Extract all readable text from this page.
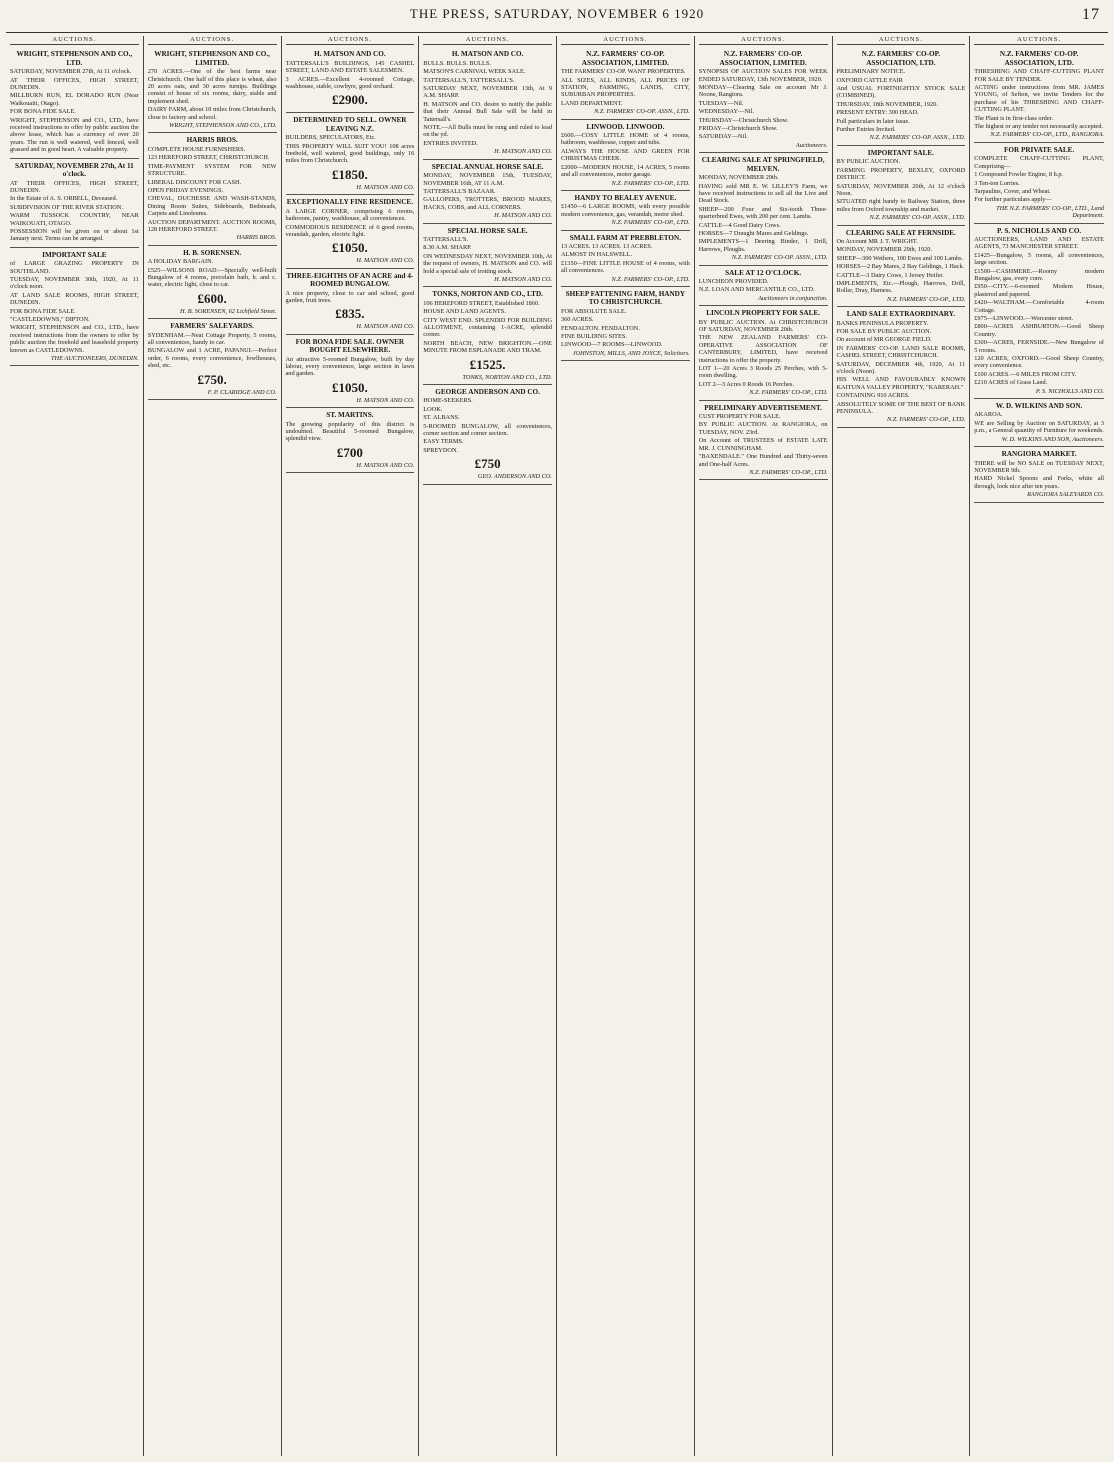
THE PRESS, SATURDAY, NOVEMBER 6 1920	17
AUCTIONS.
WRIGHT, STEPHENSON AND CO., LTD.
SATURDAY, NOVEMBER 27th, At 11 o'clock.
AT THEIR OFFICES, HIGH STREET, DUNEDIN.
MILLBURN RUN, EL DORADO RUN (Near Waikouaiti, Otago).
FOR BONA FIDE SALE.
WRIGHT, STEPHENSON and CO., LTD., have received instructions to offer by public auction the above lease, which has a currency of over 20 years. The run is well watered, well fenced, well grassed and in good heart. A valuable property.
SATURDAY, NOVEMBER 27th, At 11 o'clock.
AT THEIR OFFICES, HIGH STREET, DUNEDIN.
In the Estate of A. S. ORBELL, Deceased.
SUBDIVISION OF THE RIVER STATION.
WARM TUSSOCK COUNTRY, NEAR WAIKOUATI, OTAGO.
POSSESSION will be given on or about 1st January next. Terms can be arranged.
IMPORTANT SALE
of LARGE GRAZING PROPERTY IN SOUTHLAND.
TUESDAY, NOVEMBER 30th, 1920, At 11 o'clock noon.
AT LAND SALE ROOMS, HIGH STREET, DUNEDIN.
FOR BONA FIDE SALE.
"CASTLEDOWNS," DIPTON.
WRIGHT, STEPHENSON and CO., LTD., have received instructions from the owners to offer by public auction the freehold and leasehold property known as CASTLEDOWNS.
THE AUCTIONEERS, DUNEDIN.
AUCTIONS.
WRIGHT, STEPHENSON AND CO., LIMITED.
270 ACRES.—One of the best farms near Christchurch. One half of this place is wheat, also 20 acres oats, and 30 acres turnips. Buildings consist of house of six rooms, dairy, stable and implement shed.
DAIRY FARM, about 10 miles from Christchurch, close to factory and school.
WRIGHT, STEPHENSON AND CO., LTD.
HARRIS BROS.
COMPLETE HOUSE FURNISHERS.
123 HEREFORD STREET, CHRISTCHURCH.
TIME-PAYMENT SYSTEM FOR NEW STRUCTURE.
LIBERAL DISCOUNT FOR CASH.
OPEN FRIDAY EVENINGS.
CHEVAL, DUCHESSE AND WASH-STANDS, Dining Room Suites, Sideboards, Bedsteads, Carpets and Linoleums.
AUCTION DEPARTMENT. AUCTION ROOMS, 128 HEREFORD STREET.
HARRIS BROS.
H. B. SORENSEN.
A HOLIDAY BARGAIN.
£525—WILSONS ROAD.—Specially well-built Bungalow of 4 rooms, porcelain bath, h. and c. water, electric light, close to car.
£600.
H. B. SORENSEN, 62 Lichfield Street.
FARMERS' SALEYARDS.
SYDENHAM.—Neat Cottage Property, 5 rooms, all conveniences, handy to car.
BUNGALOW and 1 ACRE, PAPANUI.—Perfect order, 6 rooms, every convenience, fowlhouses, shed, etc.
£750.
F. P. CLARIDGE AND CO.
AUCTIONS.
H. MATSON AND CO.
TATTERSALL'S BUILDINGS, 145 CASHEL STREET, LAND AND ESTATE SALESMEN.
3 ACRES.—Excellent 4-roomed Cottage, washhouse, stable, cowbyre, good orchard.
£2900.
DETERMINED TO SELL. OWNER LEAVING N.Z.
BUILDERS, SPECULATORS, Etc.
THIS PROPERTY WILL SUIT YOU! 108 acres freehold, well watered, good buildings, only 16 miles from Christchurch.
£1850.
H. MATSON AND CO.
EXCEPTIONALLY FINE RESIDENCE.
A LARGE CORNER, comprising 6 rooms, bathroom, pantry, washhouse, all conveniences.
COMMODIOUS RESIDENCE of 6 good rooms, verandah, garden, electric light.
£1050.
H. MATSON AND CO.
THREE-EIGHTHS OF AN ACRE and 4-ROOMED BUNGALOW.
A nice property, close to car and school, good garden, fruit trees.
£835.
H. MATSON AND CO.
FOR BONA FIDE SALE. OWNER BOUGHT ELSEWHERE.
An attractive 5-roomed Bungalow, built by day labour, every convenience, large section in lawn and garden.
£1050.
H. MATSON AND CO.
ST. MARTINS.
The growing popularity of this district is undoubted. Beautiful 5-roomed Bungalow, splendid view.
£700
H. MATSON AND CO.
AUCTIONS.
H. MATSON AND CO.
BULLS. BULLS. BULLS.
MATSON'S CARNIVAL WEEK SALE.
TATTERSALL'S, TATTERSALL'S.
SATURDAY NEXT, NOVEMBER 13th, At 9 A.M. SHARP.
H. MATSON and CO. desire to notify the public that their Annual Bull Sale will be held in Tattersall's.
NOTE.—All Bulls must be rung and ruled to lead on the yd.
ENTRIES INVITED.
H. MATSON AND CO.
SPECIAL ANNUAL HORSE SALE.
MONDAY, NOVEMBER 15th, TUESDAY, NOVEMBER 16th, AT 11 A.M.
TATTERSALL'S BAZAAR.
GALLOPERS, TROTTERS, BROOD MARES, HACKS, COBS, and ALL CORNERS.
H. MATSON AND CO.
SPECIAL HORSE SALE.
TATTERSALL'S.
8.30 A.M. SHARP.
ON WEDNESDAY NEXT, NOVEMBER 10th, At the request of owners, H. MATSON and CO. will hold a special sale of trotting stock.
H. MATSON AND CO.
TONKS, NORTON AND CO., LTD.
106 HEREFORD STREET, Established 1860.
HOUSE AND LAND AGENTS.
CITY WEST END. SPLENDID FOR BUILDING ALLOTMENT, containing 1-ACRE, splendid corner.
NORTH BEACH, NEW BRIGHTON.—ONE MINUTE FROM ESPLANADE AND TRAM.
£1525.
TONKS, NORTON AND CO., LTD.
GEORGE ANDERSON AND CO.
HOME-SEEKERS.
LOOK.
ST. ALBANS.
5-ROOMED BUNGALOW, all conveniences, corner section and corner section.
EASY TERMS.
SPREYDON.
£750
GEO. ANDERSON AND CO.
AUCTIONS.
N.Z. FARMERS' CO-OP. ASSOCIATION, LIMITED.
THE FARMERS' CO-OP. WANT PROPERTIES.
ALL SIZES, ALL KINDS, ALL PRICES OF STATION, FARMING, LANDS, CITY, SUBURBAN PROPERTIES.
LAND DEPARTMENT.
N.Z. FARMERS' CO-OP. ASSN., LTD.
LINWOOD. LINWOOD.
£600.—COSY LITTLE HOME of 4 rooms, bathroom, washhouse, copper and tubs.
ALWAYS THE HOUSE AND GREEN FOR CHRISTMAS CHEER.
£2000—MODERN HOUSE, 14 ACRES, 5 rooms and all conveniences, motor garage.
N.Z. FARMERS' CO-OP., LTD.
HANDY TO BEALEY AVENUE.
£1450—6 LARGE ROOMS, with every possible modern convenience, gas, verandah, motor shed.
N.Z. FARMERS' CO-OP., LTD.
SMALL FARM AT PREBBLETON.
13 ACRES. 13 ACRES. 13 ACRES.
ALMOST IN HALSWELL.
£1350—FINE LITTLE HOUSE of 4 rooms, with all conveniences.
N.Z. FARMERS' CO-OP., LTD.
SHEEP FATTENING FARM, HANDY TO CHRISTCHURCH.
FOR ABSOLUTE SALE.
360 ACRES.
FENDALTON. FENDALTON.
FINE BUILDING SITES.
LINWOOD—7 ROOMS—LINWOOD.
JOHNSTON, MILLS, AND JOYCE, Solicitors.
AUCTIONS.
N.Z. FARMERS' CO-OP. ASSOCIATION, LIMITED.
SYNOPSIS OF AUCTION SALES FOR WEEK ENDED SATURDAY, 13th NOVEMBER, 1920.
MONDAY—Clearing Sale on account Mr J. Noone, Rangiora.
TUESDAY—Nil.
WEDNESDAY—Nil.
THURSDAY—Christchurch Show.
FRIDAY—Christchurch Show.
SATURDAY—Nil.
Auctioneers.
CLEARING SALE AT SPRINGFIELD, MELVEN.
MONDAY, NOVEMBER 29th.
HAVING sold MR E. W. LILLEY'S Farm, we have received instructions to sell all the Live and Dead Stock.
SHEEP—200 Four and Six-tooth Three-quarterbred Ewes, with 200 per cent. Lambs.
CATTLE—4 Good Dairy Cows.
HORSES—7 Draught Mares and Geldings.
IMPLEMENTS—1 Deering Binder, 1 Drill, Harrows, Ploughs.
N.Z. FARMERS' CO-OP. ASSN., LTD.
SALE AT 12 O'CLOCK.
LUNCHEON PROVIDED.
N.Z. LOAN AND MERCANTILE CO., LTD.
Auctioneers in conjunction.
LINCOLN PROPERTY FOR SALE.
BY PUBLIC AUCTION. At CHRISTCHURCH OF SATURDAY, NOVEMBER 20th.
THE NEW ZEALAND FARMERS' CO-OPERATIVE ASSOCIATION OF CANTERBURY, LIMITED, have received instructions to offer the property.
LOT 1—20 Acres 3 Roods 25 Perches, with 5-room dwelling.
LOT 2—3 Acres 0 Roods 16 Perches.
N.Z. FARMERS' CO-OP., LTD.
PRELIMINARY ADVERTISEMENT.
CUST PROPERTY FOR SALE.
BY PUBLIC AUCTION. At RANGIORA, on TUESDAY, NOV. 23rd.
On Account of TRUSTEES of ESTATE LATE MR. J. CUNNINGHAM.
"BAXENDALE." One Hundred and Thirty-seven and One-half Acres.
N.Z. FARMERS' CO-OP., LTD.
AUCTIONS.
N.Z. FARMERS' CO-OP. ASSOCIATION, LTD.
PRELIMINARY NOTICE.
OXFORD CATTLE FAIR
And USUAL FORTNIGHTLY STOCK SALE (COMBINED).
THURSDAY, 18th NOVEMBER, 1920.
PRESENT ENTRY: 300 HEAD.
Full particulars in later issue.
Further Entries Invited.
N.Z. FARMERS' CO-OP. ASSN., LTD.
IMPORTANT SALE.
BY PUBLIC AUCTION.
FARMING PROPERTY, BEXLEY, OXFORD DISTRICT.
SATURDAY, NOVEMBER 20th, At 12 o'clock Noon.
SITUATED right handy to Railway Station, three miles from Oxford township and market.
N.Z. FARMERS' CO-OP. ASSN., LTD.
CLEARING SALE AT FERNSIDE.
On Account MR J. T. WRIGHT.
MONDAY, NOVEMBER 29th, 1920.
SHEEP—300 Wethers, 100 Ewes and 100 Lambs.
HORSES—2 Bay Mares, 2 Bay Geldings, 1 Hack.
CATTLE—3 Dairy Cows, 1 Jersey Heifer.
IMPLEMENTS, Etc.—Plough, Harrows, Drill, Roller, Dray, Harness.
N.Z. FARMERS' CO-OP., LTD.
LAND SALE EXTRAORDINARY.
BANKS PENINSULA PROPERTY.
FOR SALE BY PUBLIC AUCTION.
On account of MR GEORGE FIELD.
IN FARMERS' CO-OP. LAND SALE ROOMS, CASHEL STREET, CHRISTCHURCH.
SATURDAY, DECEMBER 4th, 1920, At 11 o'clock (Noon).
HIS WELL AND FAVOURABLY KNOWN KAITUNA VALLEY PROPERTY, "KARERAH."
CONTAINING 910 ACRES.
ABSOLUTELY SOME OF THE BEST OF BANK PENINSULA.
N.Z. FARMERS' CO-OP., LTD.
AUCTIONS.
N.Z. FARMERS' CO-OP. ASSOCIATION, LTD.
THRESHING AND CHAFF-CUTTING PLANT FOR SALE BY TENDER.
ACTING under instructions from MR. JAMES YOUNG, of Sefton, we invite Tenders for the purchase of his THRESHING AND CHAFF-CUTTING PLANT.
The Plant is in first-class order.
The highest or any tender not necessarily accepted.
N.Z. FARMERS' CO-OP., LTD., RANGIORA.
FOR PRIVATE SALE.
COMPLETE CHAFF-CUTTING PLANT, Comprising—
1 Compound Fowler Engine, 8 h.p.
3 Ten-ton Lorries.
Tarpaulins, Cover, and Wheat.
For further particulars apply—
THE N.Z. FARMERS' CO-OP., LTD., Land Department.
P. S. NICHOLLS AND CO.
AUCTIONEERS, LAND AND ESTATE AGENTS, 73 MANCHESTER STREET.
£1425—Bungalow, 5 rooms, all conveniences, large section.
£1500—CASHMERE.—Roomy modern Bungalow, gas, every conv.
£950—CITY.—6-roomed Modern House, plastered and papered.
£420—WALTHAM.—Comfortable 4-room Cottage.
£975—LINWOOD.—Worcester street.
£800—ACRES ASHBURTON.—Good Sheep Country.
£300—ACRES, FERNSIDE.—New Bungalow of 5 rooms.
120 ACRES, OXFORD.—Good Sheep Country, every convenience.
£100 ACRES.—6 MILES FROM CITY.
£210 ACRES of Grass Land.
P. S. NICHOLLS AND CO.
W. D. WILKINS AND SON.
AKAROA.
WE are Selling by Auction on SATURDAY, at 3 p.m., a General quantity of Furniture for weekends.
W. D. WILKINS AND SON, Auctioneers.
RANGIORA MARKET.
THERE will be NO SALE on TUESDAY NEXT, NOVEMBER 9th.
HARD Nickel Spoons and Forks, white all through, look nice after ten years.
RANGIORA SALEYARDS CO.
